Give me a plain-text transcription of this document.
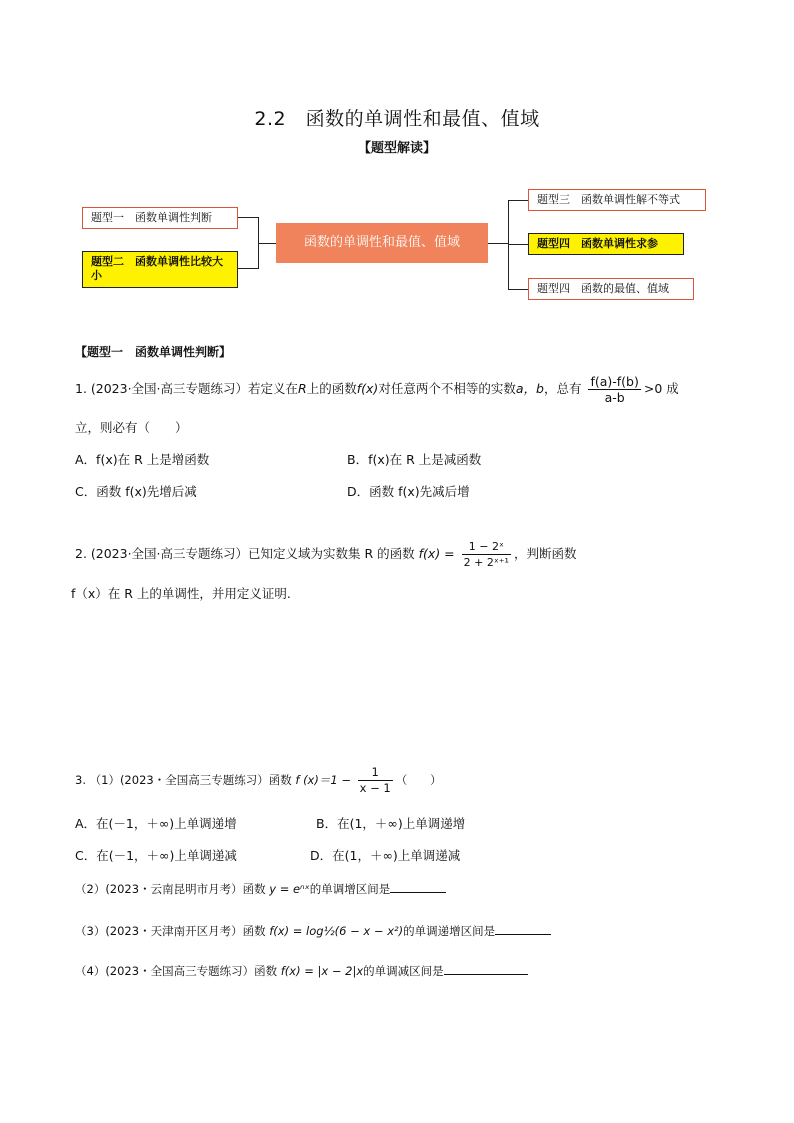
2.2　函数的单调性和最值、值域
【题型解读】
题型一　函数单调性判断
题型二　函数单调性比较大小
函数的单调性和最值、值域
题型三　函数单调性解不等式
题型四　函数单调性求参
题型四　函数的最值、值域
【题型一　函数单调性判断】
1. (2023·全国·高三专题练习）若定义在R上的函数f(x)对任意两个不相等的实数a，b，总有 $\frac{f(a)-f(b)}{a-b} >0$ 成
立，则必有（　　）
A．f(x)在 R 上是增函数	B．f(x)在 R 上是减函数
C．函数 f(x)先增后减	D．函数 f(x)先减后增
2. (2023·全国·高三专题练习）已知定义域为实数集 R 的函数 $f(x) = \frac{\text{1 − 2ˣ}}{\text{2 + 2ˣ⁺¹}}$ ，判断函数
f（x）在 R 上的单调性，并用定义证明.
3. （1）(2023・全国高三专题练习）函数 f $(x)=1 - \frac{1}{x - 1}$ （　　）
A．在(－1，＋∞)上单调递增	B．在(1，＋∞)上单调递增
C．在(－1，＋∞)上单调递减	D．在(1，＋∞)上单调递减
（2）(2023・云南昆明市月考）函数 y = eⁿˣ的单调增区间是
（3）(2023・天津南开区月考）函数 f(x) = log½(6 − x − x²)的单调递增区间是
（4）(2023・全国高三专题练习）函数 f(x) = |x − 2|x的单调减区间是
